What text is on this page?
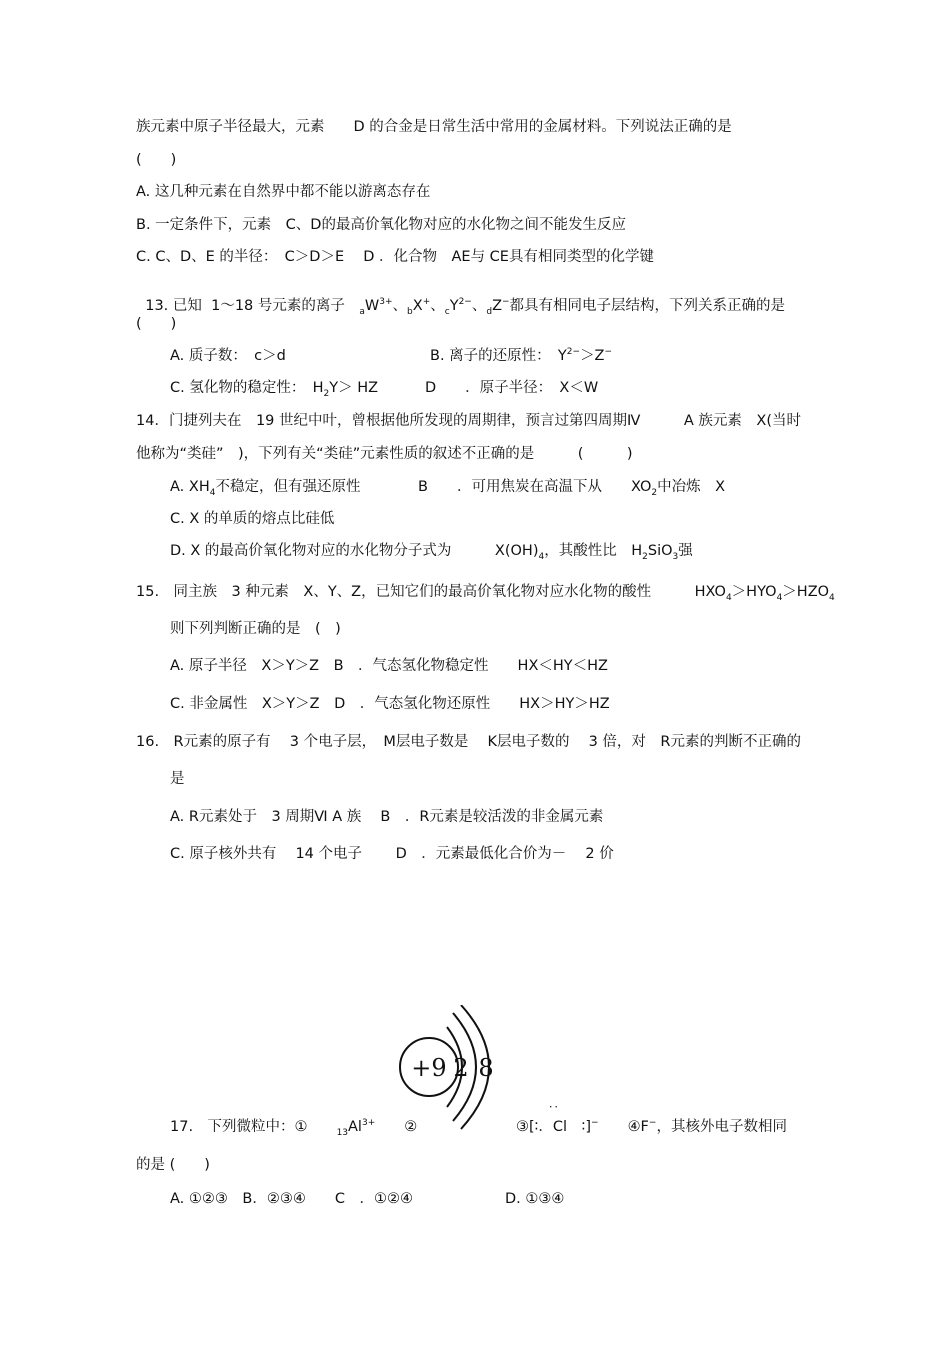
族元素中原子半径最大，元素　　D 的合金是日常生活中常用的金属材料。下列说法正确的是
(　　)
A. 这几种元素在自然界中都不能以游离态存在
B. 一定条件下，元素　C、D的最高价氧化物对应的水化物之间不能发生反应
C. C、D、E 的半径：　C＞D＞E　 D ．化合物　AE与 CE具有相同类型的化学键

13. 已知  1～18 号元素的离子　 $_aW^{3+}$、$_b$X+、$_cY^{2-}$、$_d$Z−都具有相同电子层结构，下列关系正确的是

(　　)
A. 质子数：　c＞d	B. 离子的还原性：　$Y^{2-}>Z^-$
C. 氢化物的稳定性：　$H_2Y>$ HZ	D　　．原子半径：　X＜W
14．门捷列夫在　19 世纪中叶，曾根据他所发现的周期律，预言过第四周期Ⅳ　　　A 族元素　X(当时
他称为“类硅”　)，下列有关“类硅”元素性质的叙述不正确的是　　　(　　　)
A. $XH_4$不稳定，但有强还原性	B　　．可用焦炭在高温下从　　$XO_2$中冶炼　X
C. X 的单质的熔点比硅低
D. X 的最高价氧化物对应的水化物分子式为　　　$X(OH)_4$，其酸性比　$H_2SiO_3$强
15.　同主族　3 种元素　X、Y、Z，已知它们的最高价氧化物对应水化物的酸性　　　$HXO_4>HYO_4>HZO_4$
则下列判断正确的是　(　)
A. 原子半径　X＞Y＞Z　B　．气态氢化物稳定性　　HX＜HY＜HZ
C. 非金属性　X＞Y＞Z　D　．气态氢化物还原性　　HX＞HY＞HZ
16.　R元素的原子有　 3 个电子层，　M层电子数是　 K层电子数的　 3 倍，对　R元素的判断不正确的
是
A. R元素处于　3 周期Ⅵ A 族　 B　．R元素是较活泼的非金属元素
C. 原子核外共有　 14 个电子　　 D　．元素最低化合价为－　 2 价
+9 2 8
．．
17.　下列微粒中：①　　$_{13}Al^{3+}$　　 ②	③[∶．Cl　∶]−　　 ④F−，其核外电子数相同
的是 (　　)
A. ①②③　B．②③④　　C　．①②④	D. ①③④
